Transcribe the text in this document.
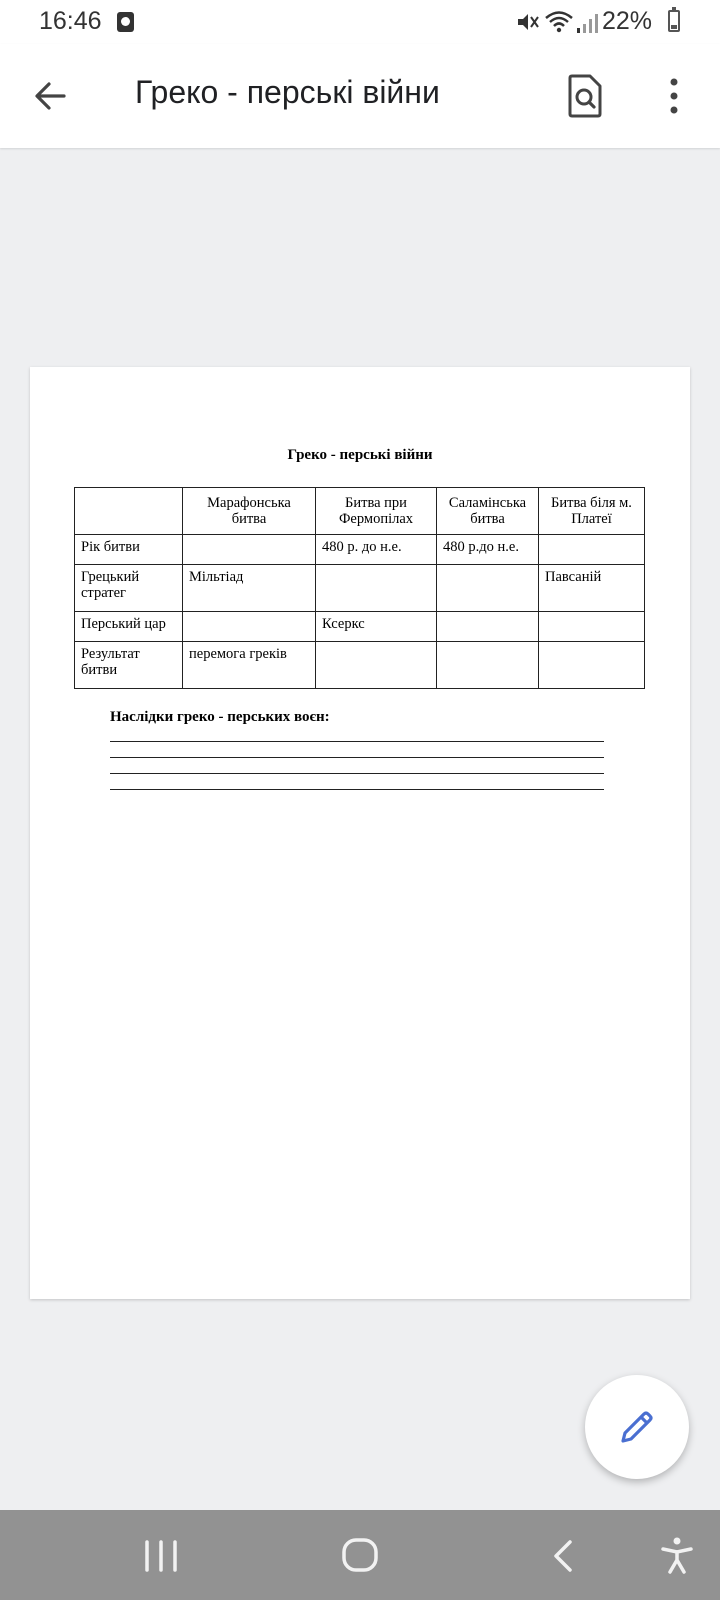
16:46	22%
Греко - перські війни
Греко - перські війни
	Марафонська битва	Битва при Фермопілах	Саламінська битва	Битва біля м. Платеї
Рік битви		480 р. до н.е.	480 р.до н.е.	
Грецький стратег	Мільтіад			Павсаній
Перський цар		Ксеркс		
Результат битви	перемога греків			
Наслідки греко - перських воєн:
